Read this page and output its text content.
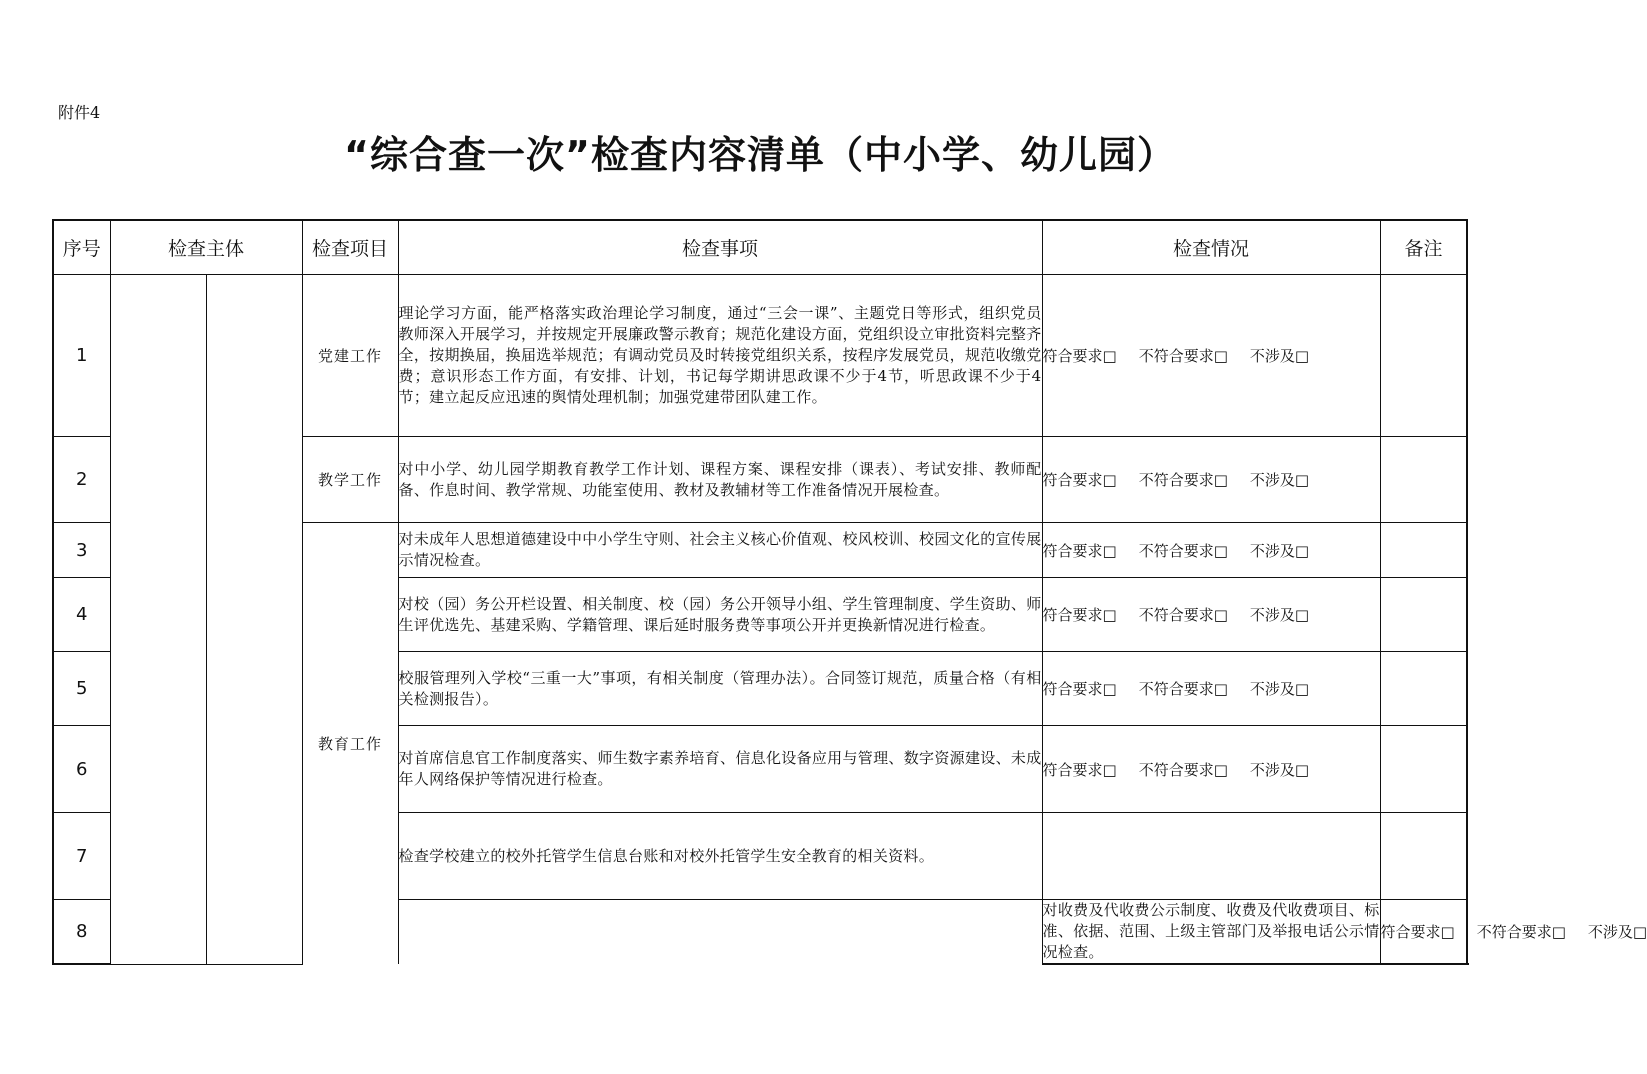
附件4
“综合查一次”检查内容清单（中小学、幼儿园）
序号	检查主体		检查项目	检查事项	检查情况	备注	
1			党建工作	理论学习方面，能严格落实政治理论学习制度，通过“三会一课”、主题党日等形式，组织党员教师深入开展学习，并按规定开展廉政警示教育；规范化建设方面，党组织设立审批资料完整齐全，按期换届，换届选举规范；有调动党员及时转接党组织关系，按程序发展党员，规范收缴党费；意识形态工作方面，有安排、计划，书记每学期讲思政课不少于4节，听思政课不少于4节；建立起反应迅速的舆情处理机制；加强党建带团队建工作。	符合要求□ 不符合要求□ 不涉及□		
2			教学工作	对中小学、幼儿园学期教育教学工作计划、课程方案、课程安排（课表）、考试安排、教师配备、作息时间、教学常规、功能室使用、教材及教辅材等工作准备情况开展检查。	符合要求□ 不符合要求□ 不涉及□		
3			教育工作	对未成年人思想道德建设中中小学生守则、社会主义核心价值观、校风校训、校园文化的宣传展示情况检查。	符合要求□ 不符合要求□ 不涉及□		
4				对校（园）务公开栏设置、相关制度、校（园）务公开领导小组、学生管理制度、学生资助、师生评优选先、基建采购、学籍管理、课后延时服务费等事项公开并更换新情况进行检查。	符合要求□ 不符合要求□ 不涉及□		
5				校服管理列入学校“三重一大”事项，有相关制度（管理办法）。合同签订规范，质量合格（有相关检测报告）。	符合要求□ 不符合要求□ 不涉及□		
6				对首席信息官工作制度落实、师生数字素养培育、信息化设备应用与管理、数字资源建设、未成年人网络保护等情况进行检查。	符合要求□ 不符合要求□ 不涉及□		
7				检查学校建立的校外托管学生信息台账和对校外托管学生安全教育的相关资料。			
8					对收费及代收费公示制度、收费及代收费项目、标准、依据、范围、上级主管部门及举报电话公示情况检查。	符合要求□ 不符合要求□ 不涉及□	
